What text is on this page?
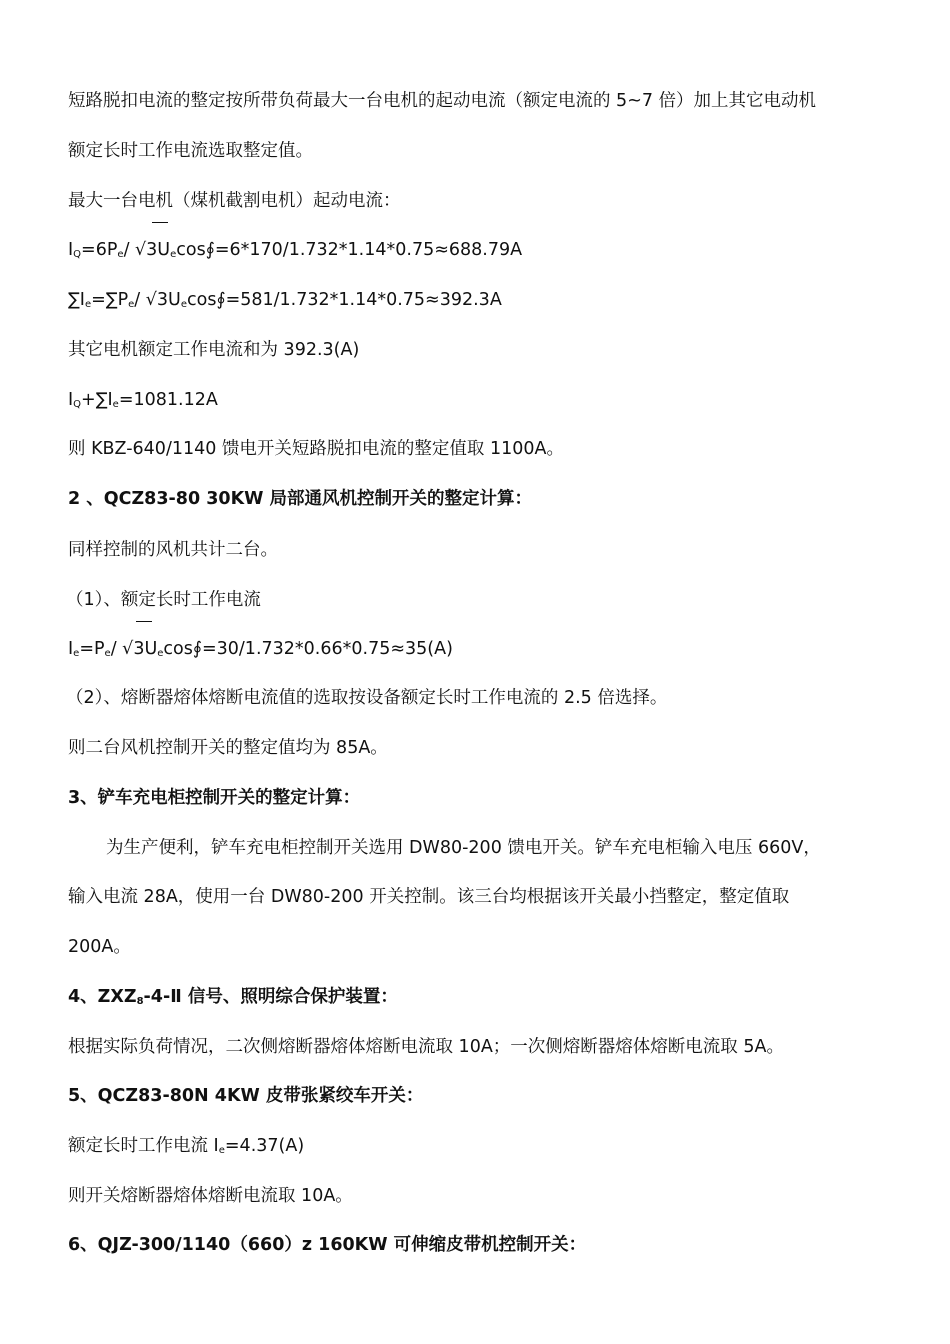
短路脱扣电流的整定按所带负荷最大一台电机的起动电流（额定电流的 5~7 倍）加上其它电动机
额定长时工作电流选取整定值。
最大一台电机（煤机截割电机）起动电流：
$I_Q=6P_e/$ $√3U_e\cos∮=6*170/1.732*1.14*0.75\approx 688.79A$
$\sum I_e=\sum P_e/$ $√3U_e\cos∮=581/1.732*1.14*0.75\approx 392.3A$
其它电机额定工作电流和为 392.3(A)
$I_Q+\sum I_e=1081.12A$
则 KBZ-640/1140 馈电开关短路脱扣电流的整定值取 1100A。
2 、QCZ83-80 30KW 局部通风机控制开关的整定计算：
同样控制的风机共计二台。
（1）、额定长时工作电流
$I_e=P_e/$ $√3U_e\cos∮=30/1.732*0.66*0.75\approx 35(A)$
（2）、熔断器熔体熔断电流值的选取按设备额定长时工作电流的 2.5 倍选择。
则二台风机控制开关的整定值均为 85A。
3、铲车充电柜控制开关的整定计算：
为生产便利，铲车充电柜控制开关选用 DW80-200 馈电开关。铲车充电柜输入电压 660V，
输入电流 28A，使用一台 DW80-200 开关控制。该三台均根据该开关最小挡整定，整定值取
200A。
4、$ZXZ_8-4-Ⅱ$ 信号、照明综合保护装置：
根据实际负荷情况，二次侧熔断器熔体熔断电流取 10A；一次侧熔断器熔体熔断电流取 5A。
5、QCZ83-80N 4KW 皮带张紧绞车开关：
额定长时工作电流 $I_e=4.37(A)$
则开关熔断器熔体熔断电流取 10A。
6、QJZ-300/1140（660）z 160KW 可伸缩皮带机控制开关：
